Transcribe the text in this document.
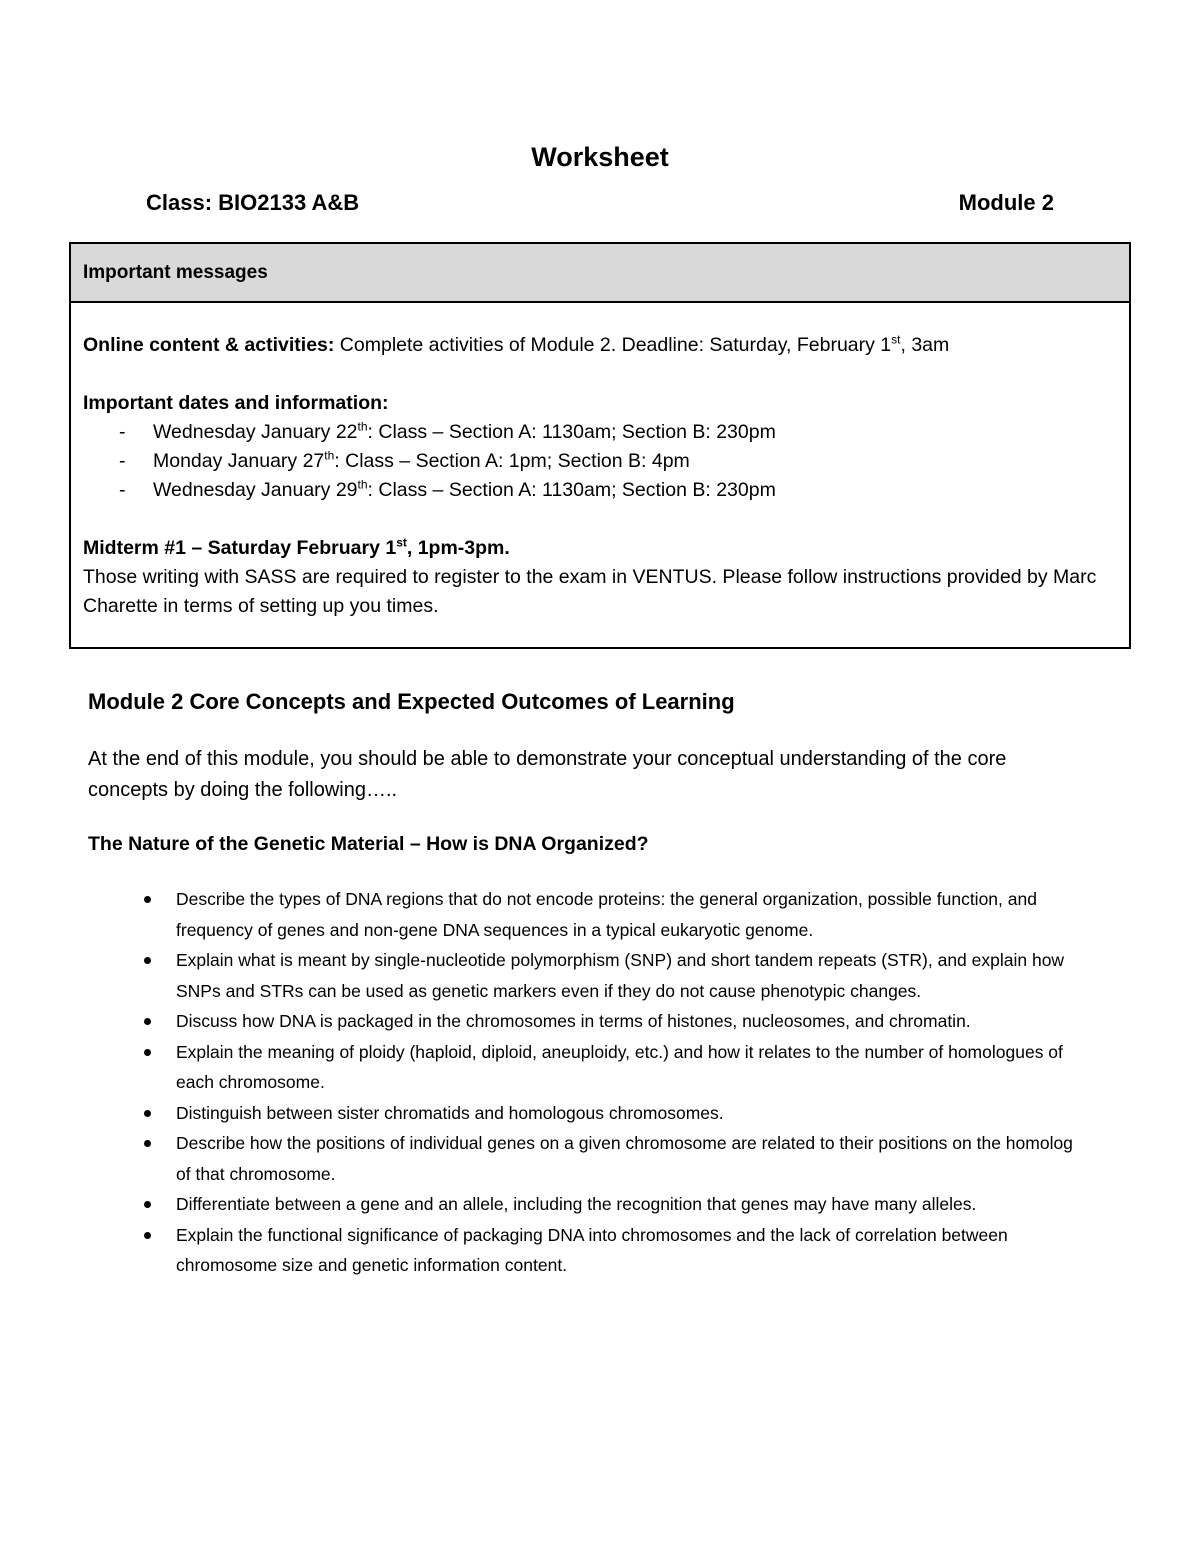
Worksheet
Class: BIO2133 A&B	Module 2
Important messages

Online content & activities: Complete activities of Module 2. Deadline: Saturday, February 1st, 3am

Important dates and information:

- Wednesday January 22th: Class – Section A: 1130am; Section B: 230pm
- Monday January 27th: Class – Section A: 1pm; Section B: 4pm
- Wednesday January 29th: Class – Section A: 1130am; Section B: 230pm

Midterm #1 – Saturday February 1st, 1pm-3pm.

Those writing with SASS are required to register to the exam in VENTUS. Please follow instructions provided by Marc Charette in terms of setting up you times.

Module 2 Core Concepts and Expected Outcomes of Learning
At the end of this module, you should be able to demonstrate your conceptual understanding of the core concepts by doing the following…..
The Nature of the Genetic Material – How is DNA Organized?
Describe the types of DNA regions that do not encode proteins: the general organization, possible function, and frequency of genes and non-gene DNA sequences in a typical eukaryotic genome.
Explain what is meant by single-nucleotide polymorphism (SNP) and short tandem repeats (STR), and explain how SNPs and STRs can be used as genetic markers even if they do not cause phenotypic changes.
Discuss how DNA is packaged in the chromosomes in terms of histones, nucleosomes, and chromatin.
Explain the meaning of ploidy (haploid, diploid, aneuploidy, etc.) and how it relates to the number of homologues of each chromosome.
Distinguish between sister chromatids and homologous chromosomes.
Describe how the positions of individual genes on a given chromosome are related to their positions on the homolog of that chromosome.
Differentiate between a gene and an allele, including the recognition that genes may have many alleles.
Explain the functional significance of packaging DNA into chromosomes and the lack of correlation between chromosome size and genetic information content.
